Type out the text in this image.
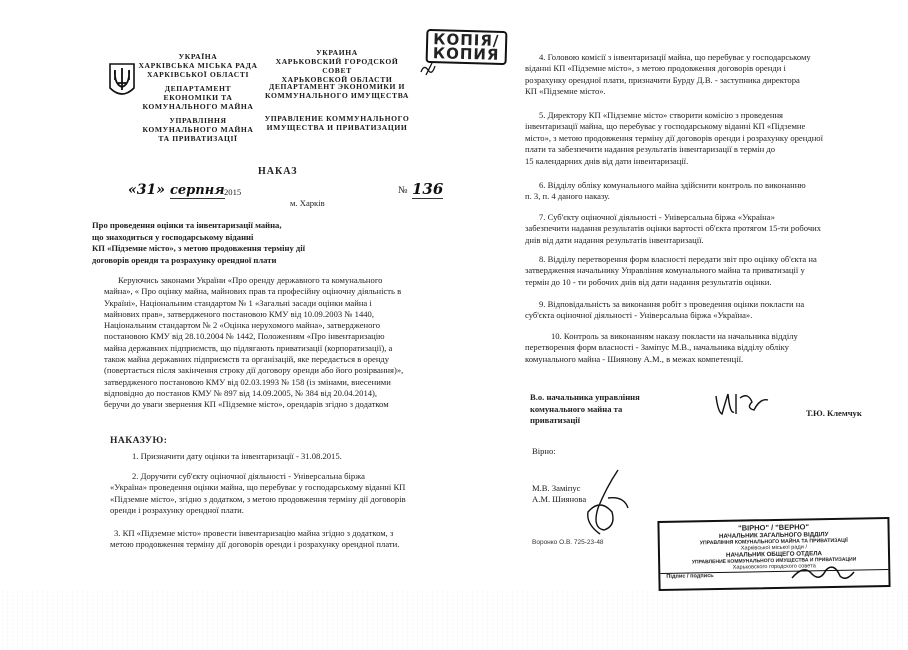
УКРАЇНА
ХАРКІВСЬКА МІСЬКА РАДА
ХАРКІВСЬКОЇ ОБЛАСТІ
ДЕПАРТАМЕНТ
ЕКОНОМІКИ ТА
КОМУНАЛЬНОГО МАЙНА
УПРАВЛІННЯ
КОМУНАЛЬНОГО МАЙНА
ТА ПРИВАТИЗАЦІЇ
УКРАИНА
ХАРЬКОВСКИЙ ГОРОДСКОЙ СОВЕТ
ХАРЬКОВСКОЙ ОБЛАСТИ
ДЕПАРТАМЕНТ ЭКОНОМИКИ И
КОММУНАЛЬНОГО ИМУЩЕСТВА
УПРАВЛЕНИЕ КОММУНАЛЬНОГО
ИМУЩЕСТВА И ПРИВАТИЗАЦИИ
КОПІЯ/
КОПИЯ
НАКАЗ
«31» серпня 2015	№ 136
м. Харків
Про проведення оцінки та інвентаризації майна,
що знаходиться у господарському віданні
КП «Підземне місто», з метою продовження терміну дії
договорів оренди та розрахунку орендної плати
Керуючись законами України «Про оренду державного та комунального
майна», « Про оцінку майна, майнових прав та професійну оціночну діяльність в
Україні», Національним стандартом № 1 «Загальні засади оцінки майна і
майнових прав», затвердженого постановою КМУ від 10.09.2003 № 1440,
Національним стандартом № 2 «Оцінка нерухомого майна», затвердженого
постановою КМУ від 28.10.2004 № 1442, Положенням «Про інвентаризацію
майна державних підприємств, що підлягають приватизації (корпоратизації), а
також майна державних підприємств та організацій, яке передається в оренду
(повертається після закінчення строку дії договору оренди або його розірвання)»,
затвердженого постановою КМУ від 02.03.1993 № 158 (із змінами, внесеними
відповідно до постанов КМУ № 897 від 14.09.2005, № 384 від 20.04.2014),
беручи до уваги звернення КП «Підземне місто», орендарів згідно з додатком
НАКАЗУЮ:
1. Призначити дату оцінки та інвентаризації - 31.08.2015.
2. Доручити суб'єкту оціночної діяльності - Універсальна біржа
«Україна» проведення оцінки майна, що перебуває у господарському віданні КП
«Підземне місто», згідно з додатком, з метою продовження терміну дії договорів
оренди і розрахунку орендної плати.
3. КП «Підземне місто» провести інвентаризацію майна згідно з додатком, з
метою продовження терміну дії договорів оренди і розрахунку орендної плати.
4. Головою комісії з інвентаризації майна, що перебуває у господарському
віданні КП «Підземне місто», з метою продовження договорів оренди і
розрахунку орендної плати, призначити Бурду Д.В. - заступника директора
КП «Підземне місто».
5. Директору КП «Підземне місто» створити комісію з проведення
інвентаризації майна, що перебуває у господарському віданні КП «Підземне
місто», з метою продовження терміну дії договорів оренди і розрахунку орендної
плати та забезпечити надання результатів інвентаризації в термін до
15 календарних днів від дати інвентаризації.
6. Відділу обліку комунального майна здійснити контроль по виконанню
п. 3, п. 4 даного наказу.
7. Суб'єкту оціночної діяльності - Універсальна біржа «Україна»
забезпечити надання результатів оцінки вартості об'єкта протягом 15-ти робочих
днів від дати надання результатів інвентаризації.
8. Відділу перетворення форм власності передати звіт про оцінку об'єкта на
затвердження начальнику Управління комунального майна та приватизації у
термін до 10 - ти робочих днів від дати надання результатів оцінки.
9. Відповідальність за виконання робіт з проведення оцінки покласти на
суб'єкта оціночної діяльності - Універсальна біржа «Україна».
10. Контроль за виконанням наказу покласти на начальника відділу
перетворення форм власності - Заміпус М.В., начальника відділу обліку
комунального майна - Шиянову А.М., в межах компетенції.
В.о. начальника управління
комунального майна та
приватизації
Т.Ю. Клемчук
Вірно:
М.В. Заміпус
А.М. Шиянова
Воронко О.В. 725-23-48
"ВІРНО" / "ВЕРНО"
НАЧАЛЬНИК ЗАГАЛЬНОГО ВІДДІЛУ
УПРАВЛІННЯ КОМУНАЛЬНОГО МАЙНА ТА ПРИВАТИЗАЦІЇ
Харківської міської ради /
НАЧАЛЬНИК ОБЩЕГО ОТДЕЛА
УПРАВЛЕНИЕ КОММУНАЛЬНОГО ИМУЩЕСТВА И ПРИВАТИЗАЦИИ
Харьковского городского совета
Підпис / подпись
